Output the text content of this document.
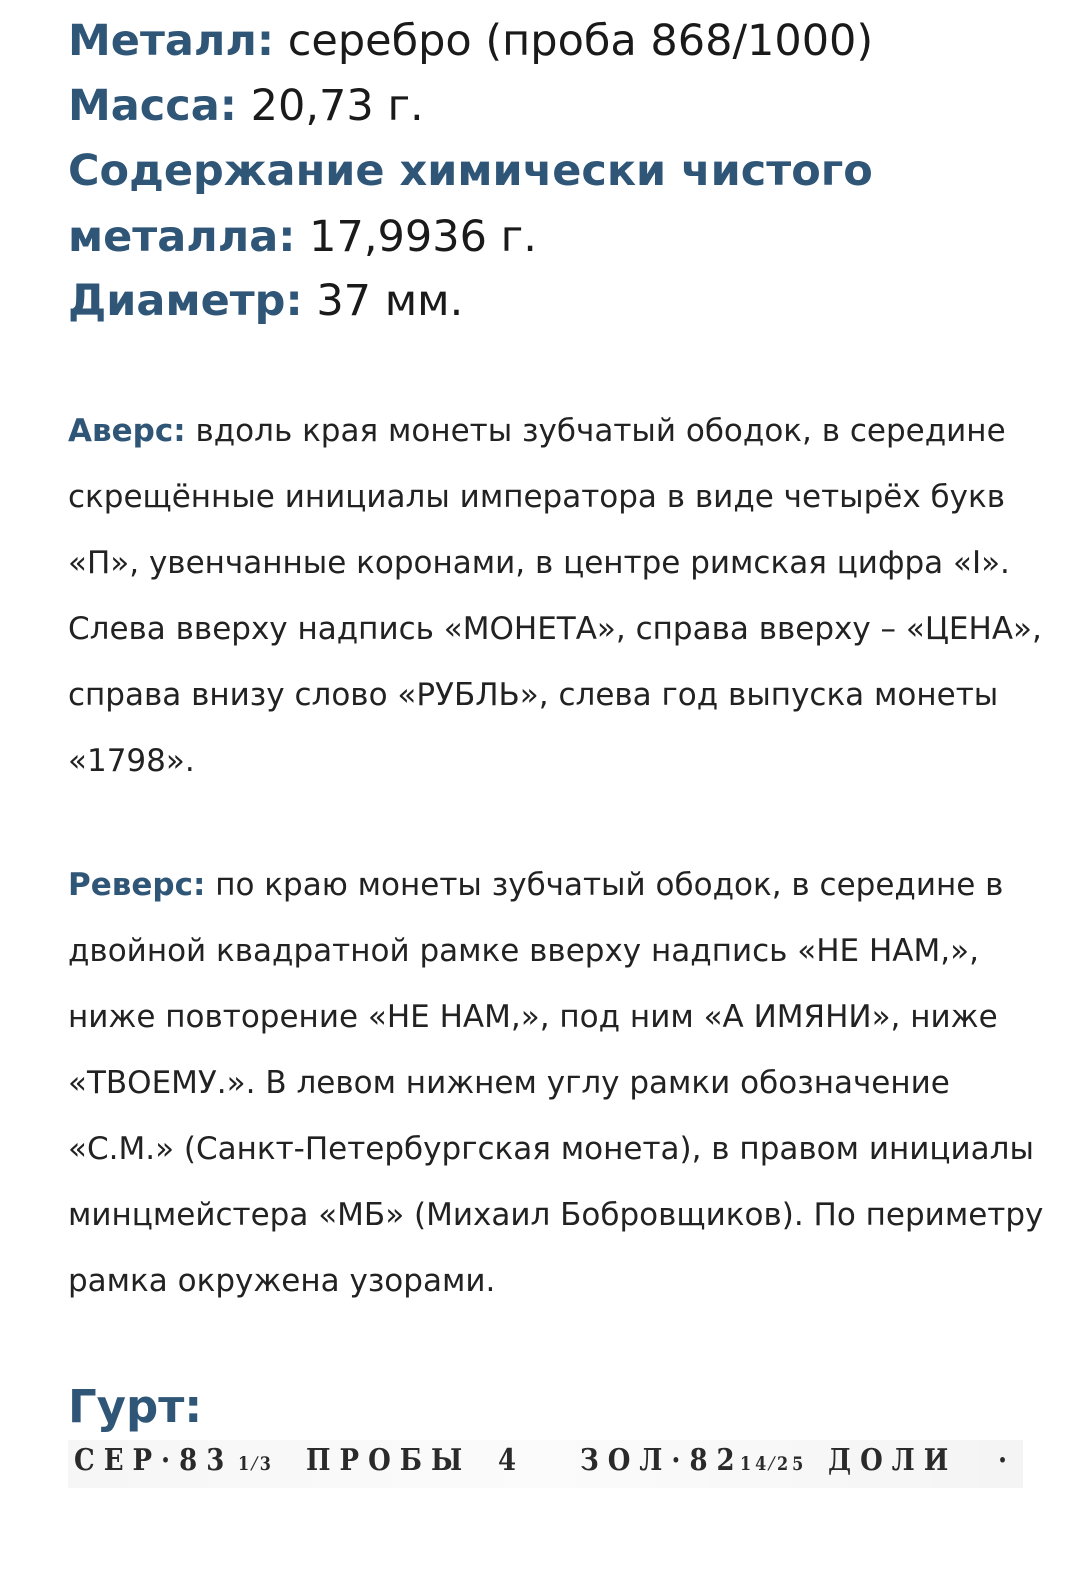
Металл: серебро (проба 868/1000)

Масса: 20,73 г.

Содержание химически чистого
металла: 17,9936 г.

Диаметр: 37 мм.

Аверс: вдоль края монеты зубчатый ободок, в середине скрещённые инициалы императора в виде четырёх букв «П», увенчанные коронами, в центре римская цифра «I». Слева вверху надпись «МОНЕТА», справа вверху – «ЦЕНА», справа внизу слово «РУБЛЬ», слева год выпуска монеты «1798».

Реверс: по краю монеты зубчатый ободок, в середине в двойной квадратной рамке вверху надпись «НЕ НАМ,», ниже повторение «НЕ НАМ,», под ним «А ИМЯНИ», ниже «ТВОЕМУ.». В левом нижнем углу рамки обозначение «С.М.» (Санкт-Петербургская монета), в правом инициалы минцмейстера «МБ» (Михаил Бобровщиков). По периметру рамка окружена узорами.

Гурт:

СЕР·83 1⁄3 ПРОБЫ 4 ЗОЛ·82
14⁄25 ДОЛИ ·
